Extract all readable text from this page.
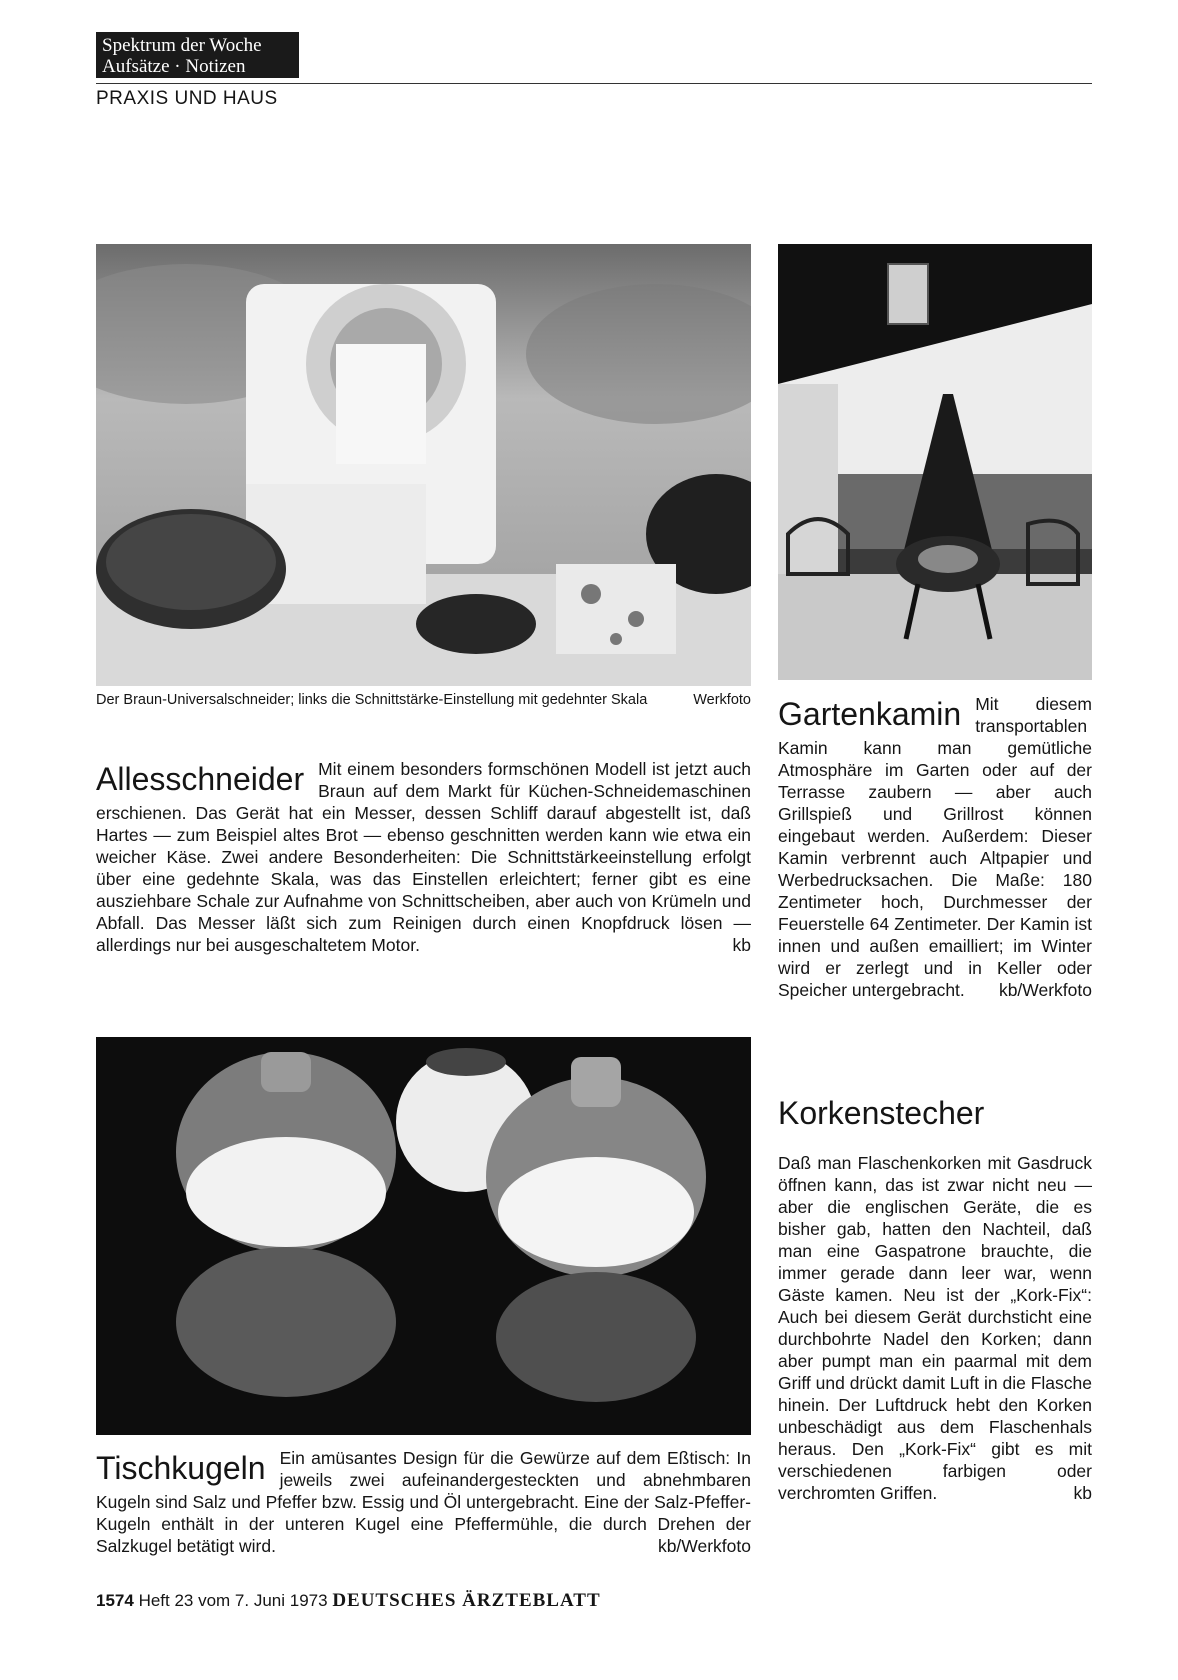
Spektrum der Woche
Aufsätze · Notizen
PRAXIS UND HAUS
Der Braun-Universalschneider; links die Schnittstärke-Einstellung mit gedehnter Skala	Werkfoto
Allesschneider Mit einem besonders formschönen Modell ist jetzt auch Braun auf dem Markt für Küchen-Schneidemaschinen erschienen. Das Gerät hat ein Messer, dessen Schliff darauf abgestellt ist, daß Hartes — zum Beispiel altes Brot — ebenso geschnitten werden kann wie etwa ein weicher Käse. Zwei andere Besonderheiten: Die Schnittstärkeeinstellung erfolgt über eine gedehnte Skala, was das Einstellen erleichtert; ferner gibt es eine ausziehbare Schale zur Aufnahme von Schnittscheiben, aber auch von Krümeln und Abfall. Das Messer läßt sich zum Reinigen durch einen Knopfdruck lösen — allerdings nur bei ausgeschaltetem Motor.	kb
Gartenkamin Mit diesem transportablen Kamin kann man gemütliche Atmosphäre im Garten oder auf der Terrasse zaubern — aber auch Grillspieß und Grillrost können eingebaut werden. Außerdem: Dieser Kamin verbrennt auch Altpapier und Werbedrucksachen. Die Maße: 180 Zentimeter hoch, Durchmesser der Feuerstelle 64 Zentimeter. Der Kamin ist innen und außen emailliert; im Winter wird er zerlegt und in Keller oder Speicher untergebracht. kb/Werkfoto
Tischkugeln Ein amüsantes Design für die Gewürze auf dem Eßtisch: In jeweils zwei aufeinandergesteckten und abnehmbaren Kugeln sind Salz und Pfeffer bzw. Essig und Öl untergebracht. Eine der Salz-Pfeffer-Kugeln enthält in der unteren Kugel eine Pfeffermühle, die durch Drehen der Salzkugel betätigt wird.	kb/Werkfoto
Korkenstecher
Daß man Flaschenkorken mit Gasdruck öffnen kann, das ist zwar nicht neu — aber die englischen Geräte, die es bisher gab, hatten den Nachteil, daß man eine Gaspatrone brauchte, die immer gerade dann leer war, wenn Gäste kamen. Neu ist der „Kork-Fix“: Auch bei diesem Gerät durchsticht eine durchbohrte Nadel den Korken; dann aber pumpt man ein paarmal mit dem Griff und drückt damit Luft in die Flasche hinein. Der Luftdruck hebt den Korken unbeschädigt aus dem Flaschenhals heraus. Den „Kork-Fix“ gibt es mit verschiedenen farbigen oder verchromten Griffen.	kb
1574 Heft 23 vom 7. Juni 1973 DEUTSCHES ÄRZTEBLATT
